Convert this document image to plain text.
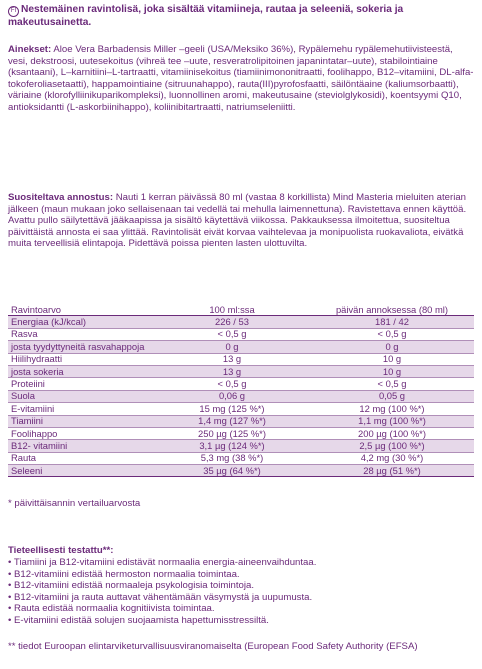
FI Nestemäinen ravintolisä, joka sisältää vitamiineja, rautaa ja seleeniä, sokeria ja makeutusainetta.

Ainekset: Aloe Vera Barbadensis Miller –geeli (USA/Meksiko 36%), Rypälemehu rypälemehutiivisteestä, vesi, dekstroosi, uutesekoitus (vihreä tee –uute, resveratrolipitoinen japanintatar–uute), stabilointiaine (ksantaani), L–karnitiini–L-tartraatti, vitamiinisekoitus (tiamiinimononitraatti, foolihappo, B12–vitamiini, DL-alfa-tokoferoliasetaatti), happamointiaine (sitruunahappo), rauta(III)pyrofosfaatti, säilöntäaine (kaliumsorbaatti), väriaine (klorofylliinikuparikompleksi), luonnollinen aromi, makeutusaine (steviolglykosidi), koentsyymi Q10, antioksidantti (L-askorbiinihappo), koliinibitartraatti, natriumseleniitti.

Suositeltava annostus: Nauti 1 kerran päivässä 80 ml (vastaa 8 korkillista) Mind Masteria mieluiten aterian jälkeen (maun mukaan joko sellaisenaan tai vedellä tai mehulla laimennettuna). Ravistettava ennen käyttöä. Avattu pullo säilytettävä jääkaapissa ja sisältö käytettävä viikossa. Pakkauksessa ilmoitettua, suositeltua päivittäistä annosta ei saa ylittää. Ravintolisät eivät korvaa vaihtelevaa ja monipuolista ruokavaliota, eivätkä muita terveellisiä elintapoja. Pidettävä poissa pienten lasten ulottuvilta.

Ravintoarvo	100 ml:ssa	päivän annoksessa (80 ml)
Energiaa (kJ/kcal)	226 / 53	181 / 42
Rasva	< 0,5 g	< 0,5 g
josta tyydyttyneitä rasvahappoja	0 g	0 g
Hiilihydraatti	13 g	10 g
josta sokeria	13 g	10 g
Proteiini	< 0,5 g	< 0,5 g
Suola	0,06 g	0,05 g
E-vitamiini	15 mg (125 %*)	12 mg (100 %*)
Tiamiini	1,4 mg (127 %*)	1,1 mg (100 %*)
Foolihappo	250 µg (125 %*)	200 µg (100 %*)
B12- vitamiini	3,1 µg (124 %*)	2,5 µg (100 %*)
Rauta	5,3 mg (38 %*)	4,2 mg (30 %*)
Seleeni	35 µg (64 %*)	28 µg (51 %*)

* päivittäisannin vertailuarvosta

Tieteellisesti testattu**:

• Tiamiini ja B12-vitamiini edistävät normaalia energia-aineenvaihduntaa.
• B12-vitamiini edistää hermoston normaalia toimintaa.
• B12-vitamiini edistää normaaleja psykologisia toimintoja.
• B12-vitamiini ja rauta auttavat vähentämään väsymystä ja uupumusta.
• Rauta edistää normaalia kognitiivista toimintaa.
• E-vitamiini edistää solujen suojaamista hapettumisstressiltä.

** tiedot Euroopan elintarviketurvallisuusviranomaiselta (European Food Safety Authority (EFSA)
